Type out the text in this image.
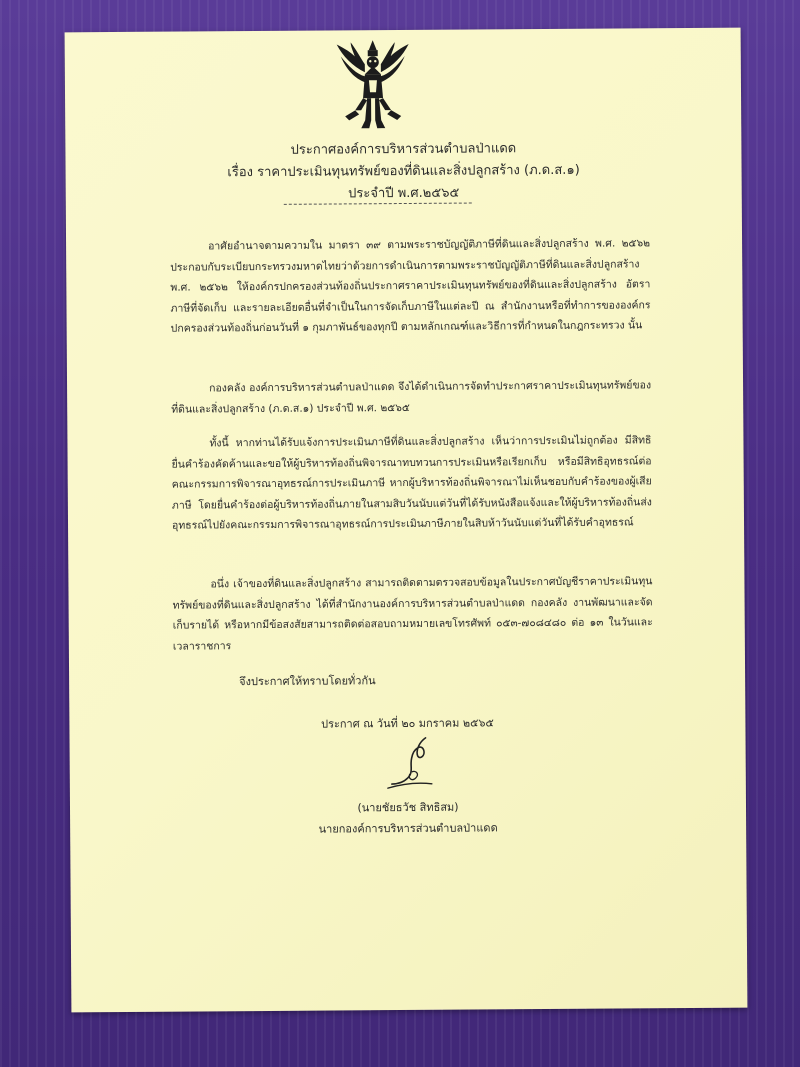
ประกาศองค์การบริหารส่วนตำบลป่าแดด
เรื่อง ราคาประเมินทุนทรัพย์ของที่ดินและสิ่งปลูกสร้าง (ภ.ด.ส.๑)
ประจำปี พ.ศ.๒๕๖๕

อาศัยอำนาจตามความใน มาตรา ๓๙ ตามพระราชบัญญัติภาษีที่ดินและสิ่งปลูกสร้าง พ.ศ. ๒๕๖๒ ประกอบกับระเบียบกระทรวงมหาดไทยว่าด้วยการดำเนินการตามพระราชบัญญัติภาษีที่ดินและสิ่งปลูกสร้าง พ.ศ. ๒๕๖๒ ให้องค์กรปกครองส่วนท้องถิ่นประกาศราคาประเมินทุนทรัพย์ของที่ดินและสิ่งปลูกสร้าง อัตราภาษีที่จัดเก็บ และรายละเอียดอื่นที่จำเป็นในการจัดเก็บภาษีในแต่ละปี ณ สำนักงานหรือที่ทำการขององค์กรปกครองส่วนท้องถิ่นก่อนวันที่ ๑ กุมภาพันธ์ของทุกปี ตามหลักเกณฑ์และวิธีการที่กำหนดในกฎกระทรวง นั้น

กองคลัง องค์การบริหารส่วนตำบลป่าแดด จึงได้ดำเนินการจัดทำประกาศราคาประเมินทุนทรัพย์ของที่ดินและสิ่งปลูกสร้าง (ภ.ด.ส.๑) ประจำปี พ.ศ. ๒๕๖๕

ทั้งนี้ หากท่านได้รับแจ้งการประเมินภาษีที่ดินและสิ่งปลูกสร้าง เห็นว่าการประเมินไม่ถูกต้อง มีสิทธิยื่นคำร้องคัดค้านและขอให้ผู้บริหารท้องถิ่นพิจารณาทบทวนการประเมินหรือเรียกเก็บ หรือมีสิทธิอุทธรณ์ต่อคณะกรรมการพิจารณาอุทธรณ์การประเมินภาษี หากผู้บริหารท้องถิ่นพิจารณาไม่เห็นชอบกับคำร้องของผู้เสียภาษี โดยยื่นคำร้องต่อผู้บริหารท้องถิ่นภายในสามสิบวันนับแต่วันที่ได้รับหนังสือแจ้งและให้ผู้บริหารท้องถิ่นส่งอุทธรณ์ไปยังคณะกรรมการพิจารณาอุทธรณ์การประเมินภาษีภายในสิบห้าวันนับแต่วันที่ได้รับคำอุทธรณ์

อนึ่ง เจ้าของที่ดินและสิ่งปลูกสร้าง สามารถติดตามตรวจสอบข้อมูลในประกาศบัญชีราคาประเมินทุนทรัพย์ของที่ดินและสิ่งปลูกสร้าง ได้ที่สำนักงานองค์การบริหารส่วนตำบลป่าแดด กองคลัง งานพัฒนาและจัดเก็บรายได้ หรือหากมีข้อสงสัยสามารถติดต่อสอบถามหมายเลขโทรศัพท์ ๐๕๓-๗๐๘๔๘๐ ต่อ ๑๓ ในวันและเวลาราชการ

จึงประกาศให้ทราบโดยทั่วกัน
ประกาศ ณ วันที่ ๒๐ มกราคม ๒๕๖๕
(นายชัยธวัช สิทธิสม)
นายกองค์การบริหารส่วนตำบลป่าแดด
